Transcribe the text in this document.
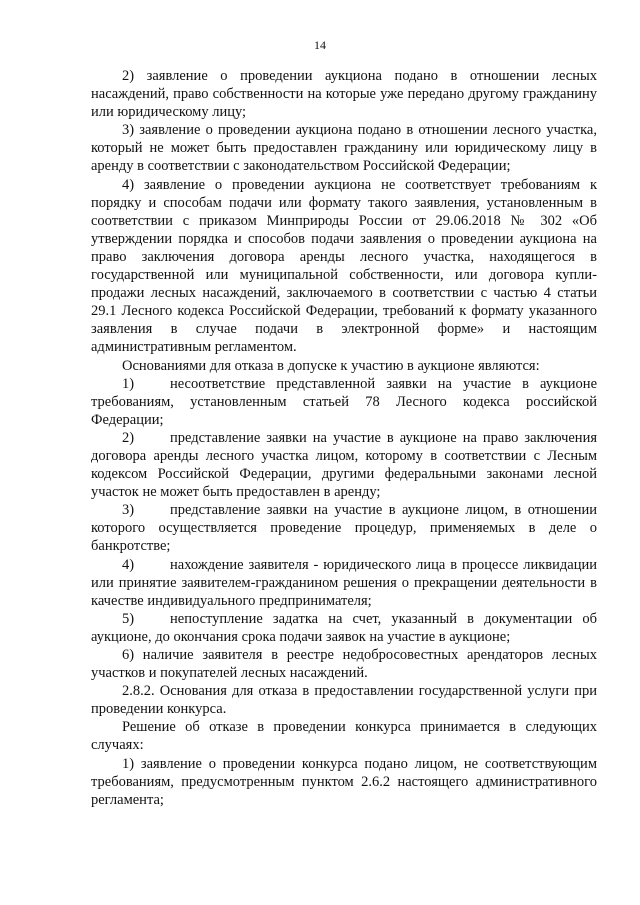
14

2) заявление о проведении аукциона подано в отношении лесных насаждений, право собственности на которые уже передано другому гражданину или юридическому лицу;

3) заявление о проведении аукциона подано в отношении лесного участка, который не может быть предоставлен гражданину или юридическому лицу в аренду в соответствии с законодательством Российской Федерации;

4) заявление о проведении аукциона не соответствует требованиям к порядку и способам подачи или формату такого заявления, установленным в соответствии с приказом Минприроды России от 29.06.2018 № 302 «Об утверждении порядка и способов подачи заявления о проведении аукциона на право заключения договора аренды лесного участка, находящегося в государственной или муниципальной собственности, или договора купли-продажи лесных насаждений, заключаемого в соответствии с частью 4 статьи 29.1 Лесного кодекса Российской Федерации, требований к формату указанного заявления в случае подачи в электронной форме» и настоящим административным регламентом.

Основаниями для отказа в допуске к участию в аукционе являются:

1) несоответствие представленной заявки на участие в аукционе требованиям, установленным статьей 78 Лесного кодекса российской Федерации;

2) представление заявки на участие в аукционе на право заключения договора аренды лесного участка лицом, которому в соответствии с Лесным кодексом Российской Федерации, другими федеральными законами лесной участок не может быть предоставлен в аренду;

3) представление заявки на участие в аукционе лицом, в отношении которого осуществляется проведение процедур, применяемых в деле о банкротстве;

4) нахождение заявителя - юридического лица в процессе ликвидации или принятие заявителем-гражданином решения о прекращении деятельности в качестве индивидуального предпринимателя;

5) непоступление задатка на счет, указанный в документации об аукционе, до окончания срока подачи заявок на участие в аукционе;

6) наличие заявителя в реестре недобросовестных арендаторов лесных участков и покупателей лесных насаждений.

2.8.2. Основания для отказа в предоставлении государственной услуги при проведении конкурса.

Решение об отказе в проведении конкурса принимается в следующих случаях:

1) заявление о проведении конкурса подано лицом, не соответствующим требованиям, предусмотренным пунктом 2.6.2 настоящего административного регламента;
